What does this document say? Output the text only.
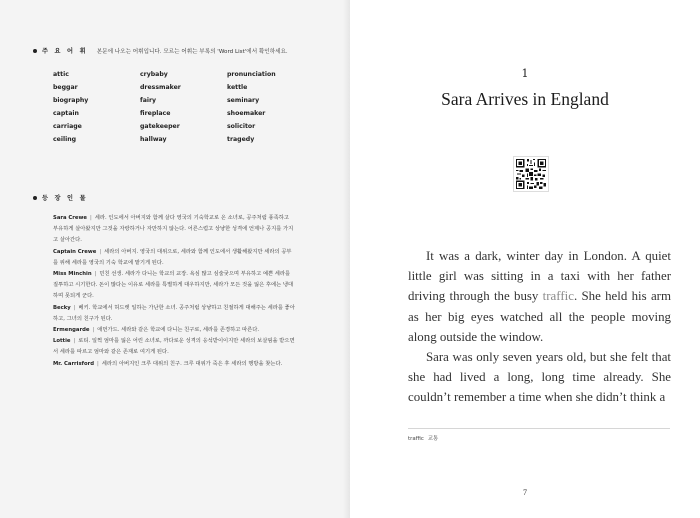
주 요 어 휘 본문에 나오는 어휘입니다. 모르는 어휘는 부록의 'Word List'에서 확인하세요.
attic	crybaby	pronunciation
beggar	dressmaker	kettle
biography	fairy	seminary
captain	fireplace	shoemaker
carriage	gatekeeper	solicitor
ceiling	hallway	tragedy
등 장 인 물

Sara Crewe | 세라. 인도에서 아버지와 함께 살다 영국의 기숙학교로 온 소녀로, 공주처럼 풍족하고 부유하게 살아왔지만 그것을 자랑하거나 자만하지 않는다. 어른스럽고 상냥한 성격에 언제나 공지를 가지고 살아간다.

Captain Crewe | 세라의 아버지. 영국의 대위으로, 세라와 함께 인도에서 생활해왔지만 세라의 공부를 위해 세라를 영국의 기숙 학교에 맡기게 된다.

Miss Minchin | 민친 선생. 세라가 다니는 학교의 교장. 욕심 많고 심술궂으며 부유하고 예쁜 세라를 질투하고 시기한다. 돈이 많다는 이유로 세라를 특별하게 대우하지만, 세라가 모든 것을 잃은 후에는 냉대하며 못되게 군다.

Becky | 베키. 학교에서 허드렛 일하는 가난한 소녀. 공주처럼 상냥하고 친절하게 대해주는 세라를 좋아하고, 그녀의 친구가 된다.

Ermengarde | 애먼가드. 세라와 같은 학교에 다니는 친구로, 세라를 존경하고 따른다.

Lottie | 로티. 일찍 엄마를 잃은 어린 소녀로, 까다로운 성격의 응석받이이지만 세라의 보살핌을 받으면서 세라를 따르고 엄마와 같은 존재로 여기게 된다.

Mr. Carrisford | 세라의 아버지인 크루 대위의 친구. 크루 대위가 죽은 후 세라의 행방을 찾는다.

1
Sara Arrives in England

It was a dark, winter day in London. A quiet little girl was sitting in a taxi with her father driving through the busy traffic. She held his arm as her big eyes watched all the people moving along outside the window.

Sara was only seven years old, but she felt that she had lived a long, long time already. She couldn’t remember a time when she didn’t think a

traffic 교통
7
